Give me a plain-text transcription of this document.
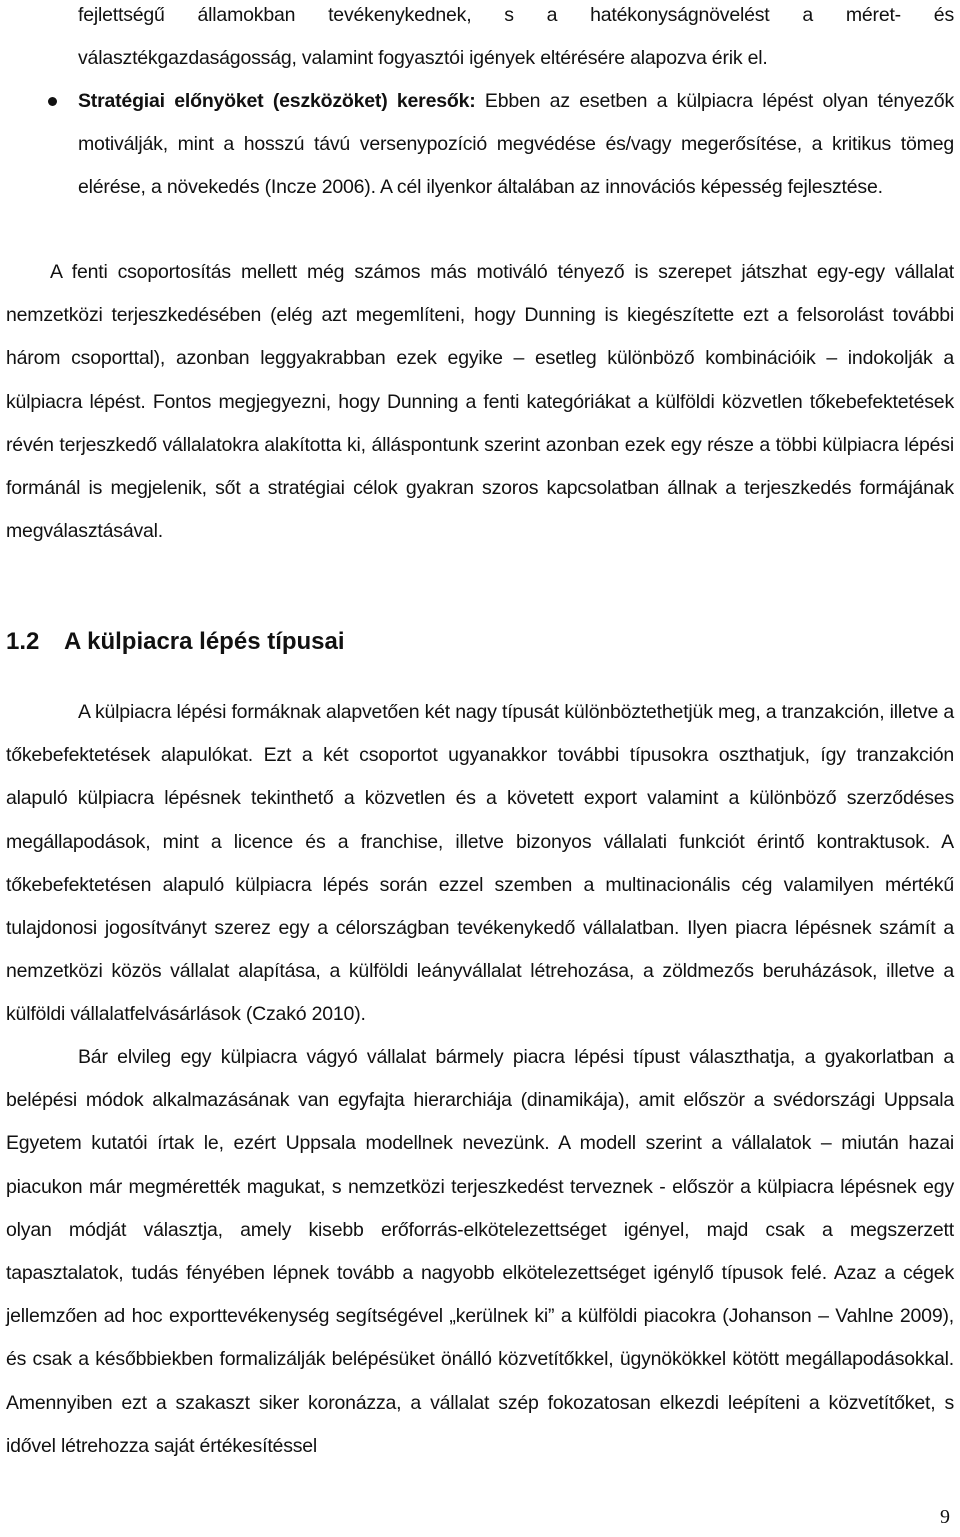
fejlettségű államokban tevékenykednek, s a hatékonyságnövelést a méret- és választékgazdaságosság, valamint fogyasztói igények eltérésére alapozva érik el.

Stratégiai előnyöket (eszközöket) keresők: Ebben az esetben a külpiacra lépést olyan tényezők motiválják, mint a hosszú távú versenypozíció megvédése és/vagy megerősítése, a kritikus tömeg elérése, a növekedés (Incze 2006). A cél ilyenkor általában az innovációs képesség fejlesztése.

A fenti csoportosítás mellett még számos más motiváló tényező is szerepet játszhat egy-egy vállalat nemzetközi terjeszkedésében (elég azt megemlíteni, hogy Dunning is kiegészítette ezt a felsorolást további három csoporttal), azonban leggyakrabban ezek egyike – esetleg különböző kombinációik – indokolják a külpiacra lépést. Fontos megjegyezni, hogy Dunning a fenti kategóriákat a külföldi közvetlen tőkebefektetések révén terjeszkedő vállalatokra alakította ki, álláspontunk szerint azonban ezek egy része a többi külpiacra lépési formánál is megjelenik, sőt a stratégiai célok gyakran szoros kapcsolatban állnak a terjeszkedés formájának megválasztásával.

1.2 A külpiacra lépés típusai

A külpiacra lépési formáknak alapvetően két nagy típusát különböztethetjük meg, a tranzakción, illetve a tőkebefektetések alapulókat. Ezt a két csoportot ugyanakkor további típusokra oszthatjuk, így tranzakción alapuló külpiacra lépésnek tekinthető a közvetlen és a követett export valamint a különböző szerződéses megállapodások, mint a licence és a franchise, illetve bizonyos vállalati funkciót érintő kontraktusok. A tőkebefektetésen alapuló külpiacra lépés során ezzel szemben a multinacionális cég valamilyen mértékű tulajdonosi jogosítványt szerez egy a célországban tevékenykedő vállalatban. Ilyen piacra lépésnek számít a nemzetközi közös vállalat alapítása, a külföldi leányvállalat létrehozása, a zöldmezős beruházások, illetve a külföldi vállalatfelvásárlások (Czakó 2010).

Bár elvileg egy külpiacra vágyó vállalat bármely piacra lépési típust választhatja, a gyakorlatban a belépési módok alkalmazásának van egyfajta hierarchiája (dinamikája), amit először a svédországi Uppsala Egyetem kutatói írtak le, ezért Uppsala modellnek nevezünk. A modell szerint a vállalatok – miután hazai piacukon már megmérették magukat, s nemzetközi terjeszkedést terveznek - először a külpiacra lépésnek egy olyan módját választja, amely kisebb erőforrás-elkötelezettséget igényel, majd csak a megszerzett tapasztalatok, tudás fényében lépnek tovább a nagyobb elkötelezettséget igénylő típusok felé. Azaz a cégek jellemzően ad hoc exporttevékenység segítségével „kerülnek ki” a külföldi piacokra (Johanson – Vahlne 2009), és csak a későbbiekben formalizálják belépésüket önálló közvetítőkkel, ügynökökkel kötött megállapodásokkal. Amennyiben ezt a szakaszt siker koronázza, a vállalat szép fokozatosan elkezdi leépíteni a közvetítőket, s idővel létrehozza saját értékesítéssel

9
